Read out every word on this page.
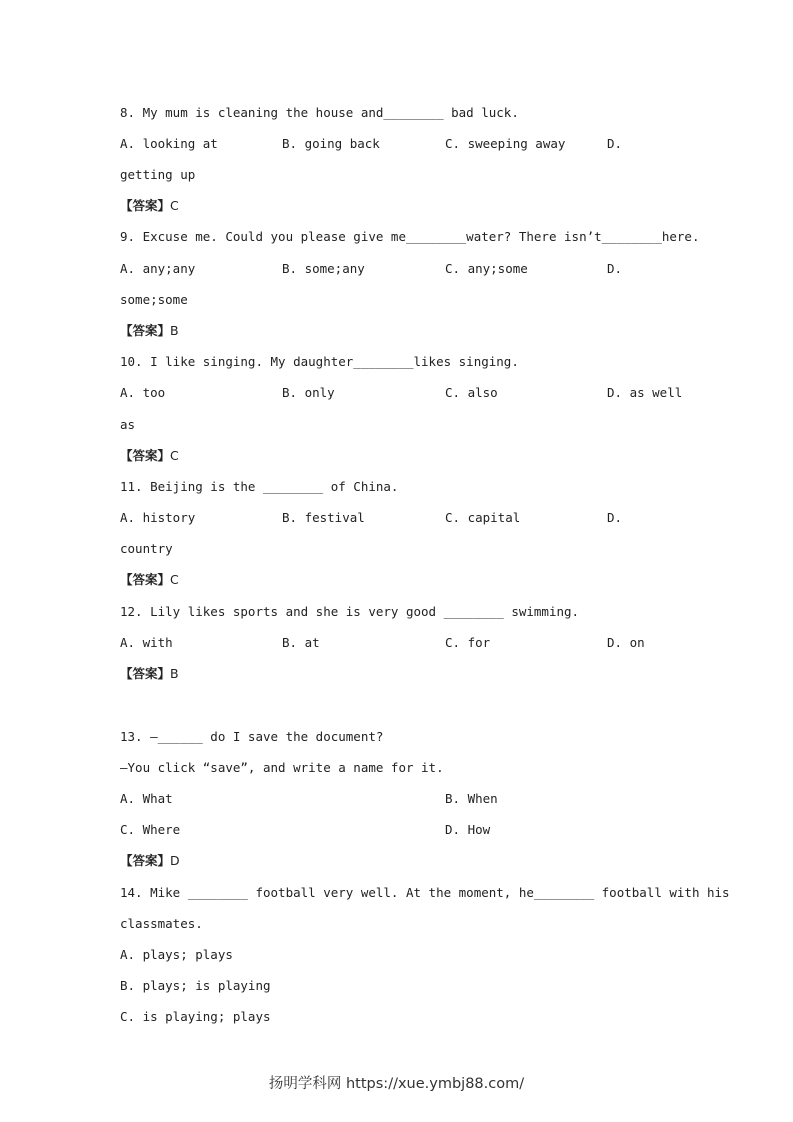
8. My mum is cleaning the house and________ bad luck.
A. looking at	B. going back	C. sweeping away	D.
getting up
【答案】C
9. Excuse me. Could you please give me________water? There isn’t________here.
A. any;any	B. some;any	C. any;some	D.
some;some
【答案】B
10. I like singing. My daughter________likes singing.
A. too	B. only	C. also	D. as well
as
【答案】C
11. Beijing is the ________ of China.
A. history	B. festival	C. capital	D.
country
【答案】C
12. Lily likes sports and she is very good ________ swimming.
A. with	B. at	C. for	D. on
【答案】B
13. —______ do I save the document?
—You click “save”, and write a name for it.
A. What	B. When
C. Where	D. How
【答案】D
14. Mike ________ football very well. At the moment, he________ football with his
classmates.
A. plays; plays
B. plays; is playing
C. is playing; plays
扬明学科网 https://xue.ymbj88.com/
